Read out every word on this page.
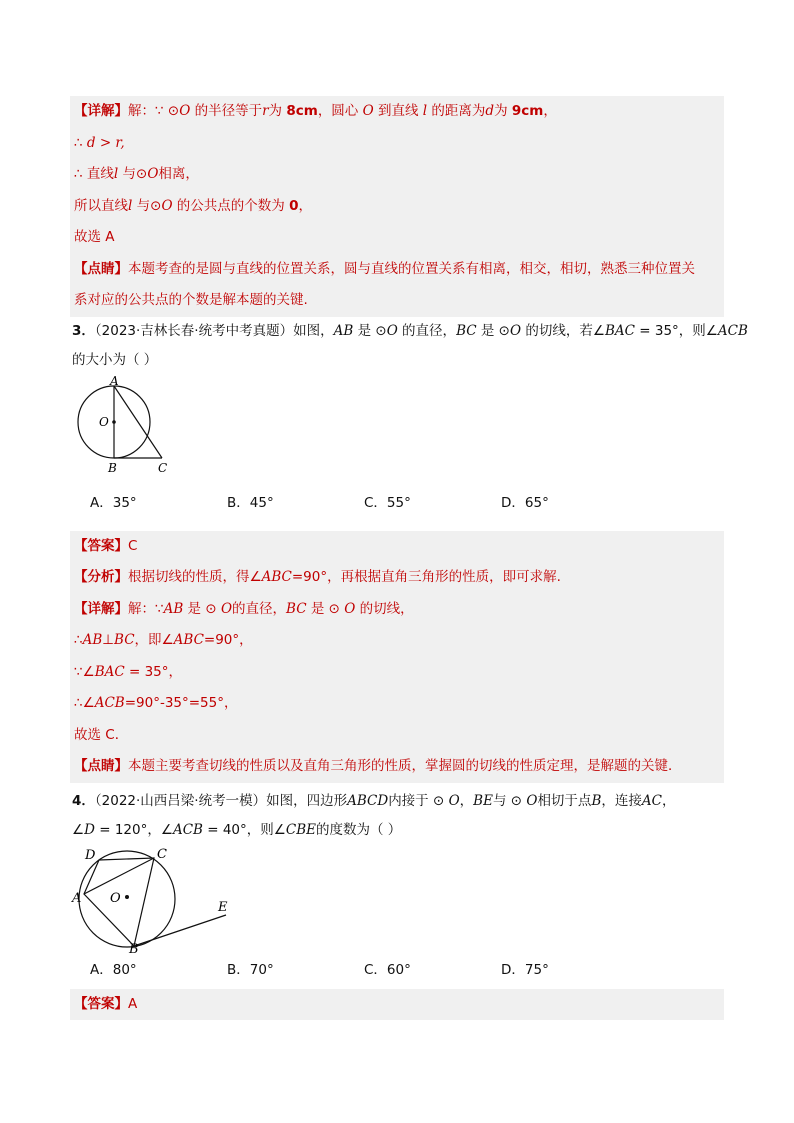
【详解】解：∵ ⊙O 的半径等于r为 8cm，圆心 O 到直线 l 的距离为d为 9cm，
∴ d > r,
∴ 直线l 与⊙O相离，
所以直线l 与⊙O 的公共点的个数为 0，
故选 A
【点睛】本题考查的是圆与直线的位置关系，圆与直线的位置关系有相离，相交，相切，熟悉三种位置关
系对应的公共点的个数是解本题的关键.
3．（2023·吉林长春·统考中考真题）如图，AB 是 ⊙O 的直径，BC 是 ⊙O 的切线，若∠BAC = 35°，则∠ACB
的大小为（ ）
A
O
B	C
A．35°	B．45°	C．55°	D．65°
【答案】C
【分析】根据切线的性质，得∠ABC=90°，再根据直角三角形的性质，即可求解.
【详解】解：∵AB 是 ⊙ O的直径，BC 是 ⊙ O 的切线，
∴AB⊥BC，即∠ABC=90°，
∵∠BAC = 35°，
∴∠ACB=90°-35°=55°，
故选 C．
【点睛】本题主要考查切线的性质以及直角三角形的性质，掌握圆的切线的性质定理，是解题的关键．
4．（2022·山西吕梁·统考一模）如图，四边形ABCD内接于 ⊙ O，BE与 ⊙ O相切于点B，连接AC，
∠D = 120°，∠ACB = 40°，则∠CBE的度数为（ ）
D	C
O
A
E
B
A．80°	B．70°	C．60°	D．75°
【答案】A
